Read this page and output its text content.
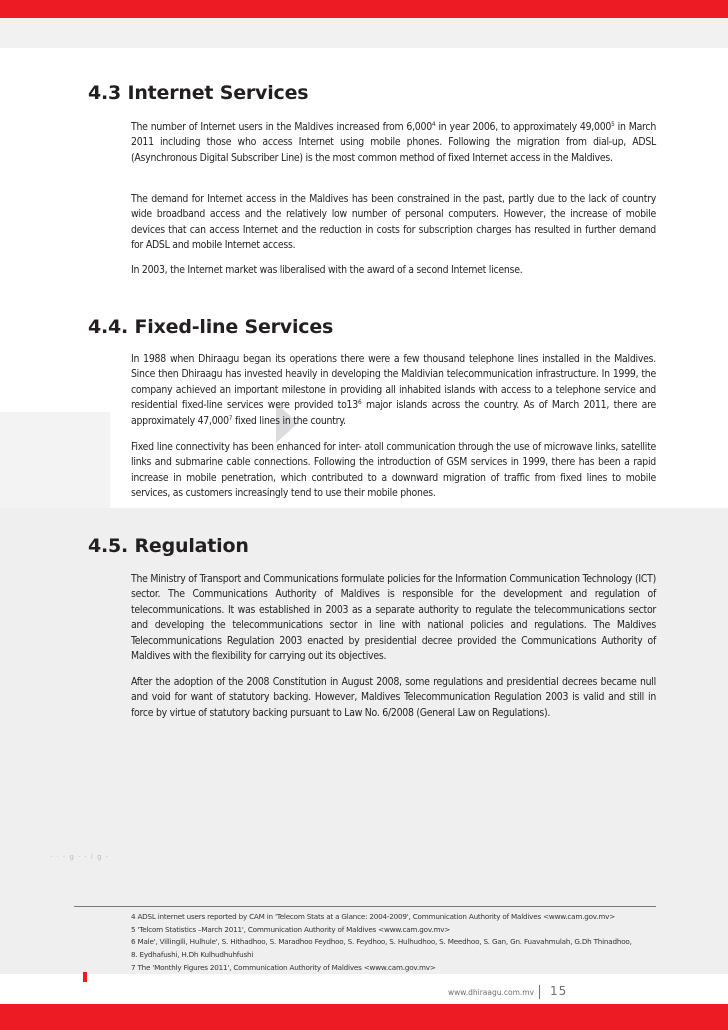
4.3 Internet Services

The number of Internet users in the Maldives increased from 6,000$^4$ in year 2006, to approximately 49,000$^5$ in March 2011 including those who access Internet using mobile phones. Following the migration from dial-up, ADSL (Asynchronous Digital Subscriber Line) is the most common method of fixed Internet access in the Maldives.

The demand for Internet access in the Maldives has been constrained in the past, partly due to the lack of country wide broadband access and the relatively low number of personal computers. However, the increase of mobile devices that can access Internet and the reduction in costs for subscription charges has resulted in further demand for ADSL and mobile Internet access.

In 2003, the Internet market was liberalised with the award of a second Internet license.

4.4. Fixed-line Services

In 1988 when Dhiraagu began its operations there were a few thousand telephone lines installed in the Maldives. Since then Dhiraagu has invested heavily in developing the Maldivian telecommunication infrastructure. In 1999, the company achieved an important milestone in providing all inhabited islands with access to a telephone service and residential fixed-line services were provided $to13^6$ major islands across the country. As of March 2011, there are approximately 47,000$^7$ fixed lines in the country.

Fixed line connectivity has been enhanced for inter- atoll communication through the use of microwave links, satellite links and submarine cable connections. Following the introduction of GSM services in 1999, there has been a rapid increase in mobile penetration, which contributed to a downward migration of traffic from fixed lines to mobile services, as customers increasingly tend to use their mobile phones.

4.5. Regulation

The Ministry of Transport and Communications formulate policies for the Information Communication Technology (ICT) sector. The Communications Authority of Maldives is responsible for the development and regulation of telecommunications. It was established in 2003 as a separate authority to regulate the telecommunications sector and developing the telecommunications sector in line with national policies and regulations. The Maldives Telecommunications Regulation 2003 enacted by presidential decree provided the Communications Authority of Maldives with the flexibility for carrying out its objectives.

After the adoption of the 2008 Constitution in August 2008, some regulations and presidential decrees became null and void for want of statutory backing. However, Maldives Telecommunication Regulation 2003 is valid and still in force by virtue of statutory backing pursuant to Law No. 6/2008 (General Law on Regulations).

· · · g · · i g ·
4 ADSL internet users reported by CAM in 'Telecom Stats at a Glance: 2004-2009', Communication Authority of Maldives <www.cam.gov.mv>
5 'Telcom Statistics –March 2011', Communication Authority of Maldives <www.cam.gov.mv>
6 Male', Villingili, Hulhule', S. Hithadhoo, S. Maradhoo Feydhoo, S. Feydhoo, S. Hulhudhoo, S. Meedhoo, S. Gan, Gn. Fuavahmulah, G.Dh Thinadhoo,
8. Eydhafushi, H.Dh Kulhudhuhfushi
7 The 'Monthly Figures 2011', Communication Authority of Maldives <www.cam.gov.mv>
www.dhiraagu.com.mv 15
